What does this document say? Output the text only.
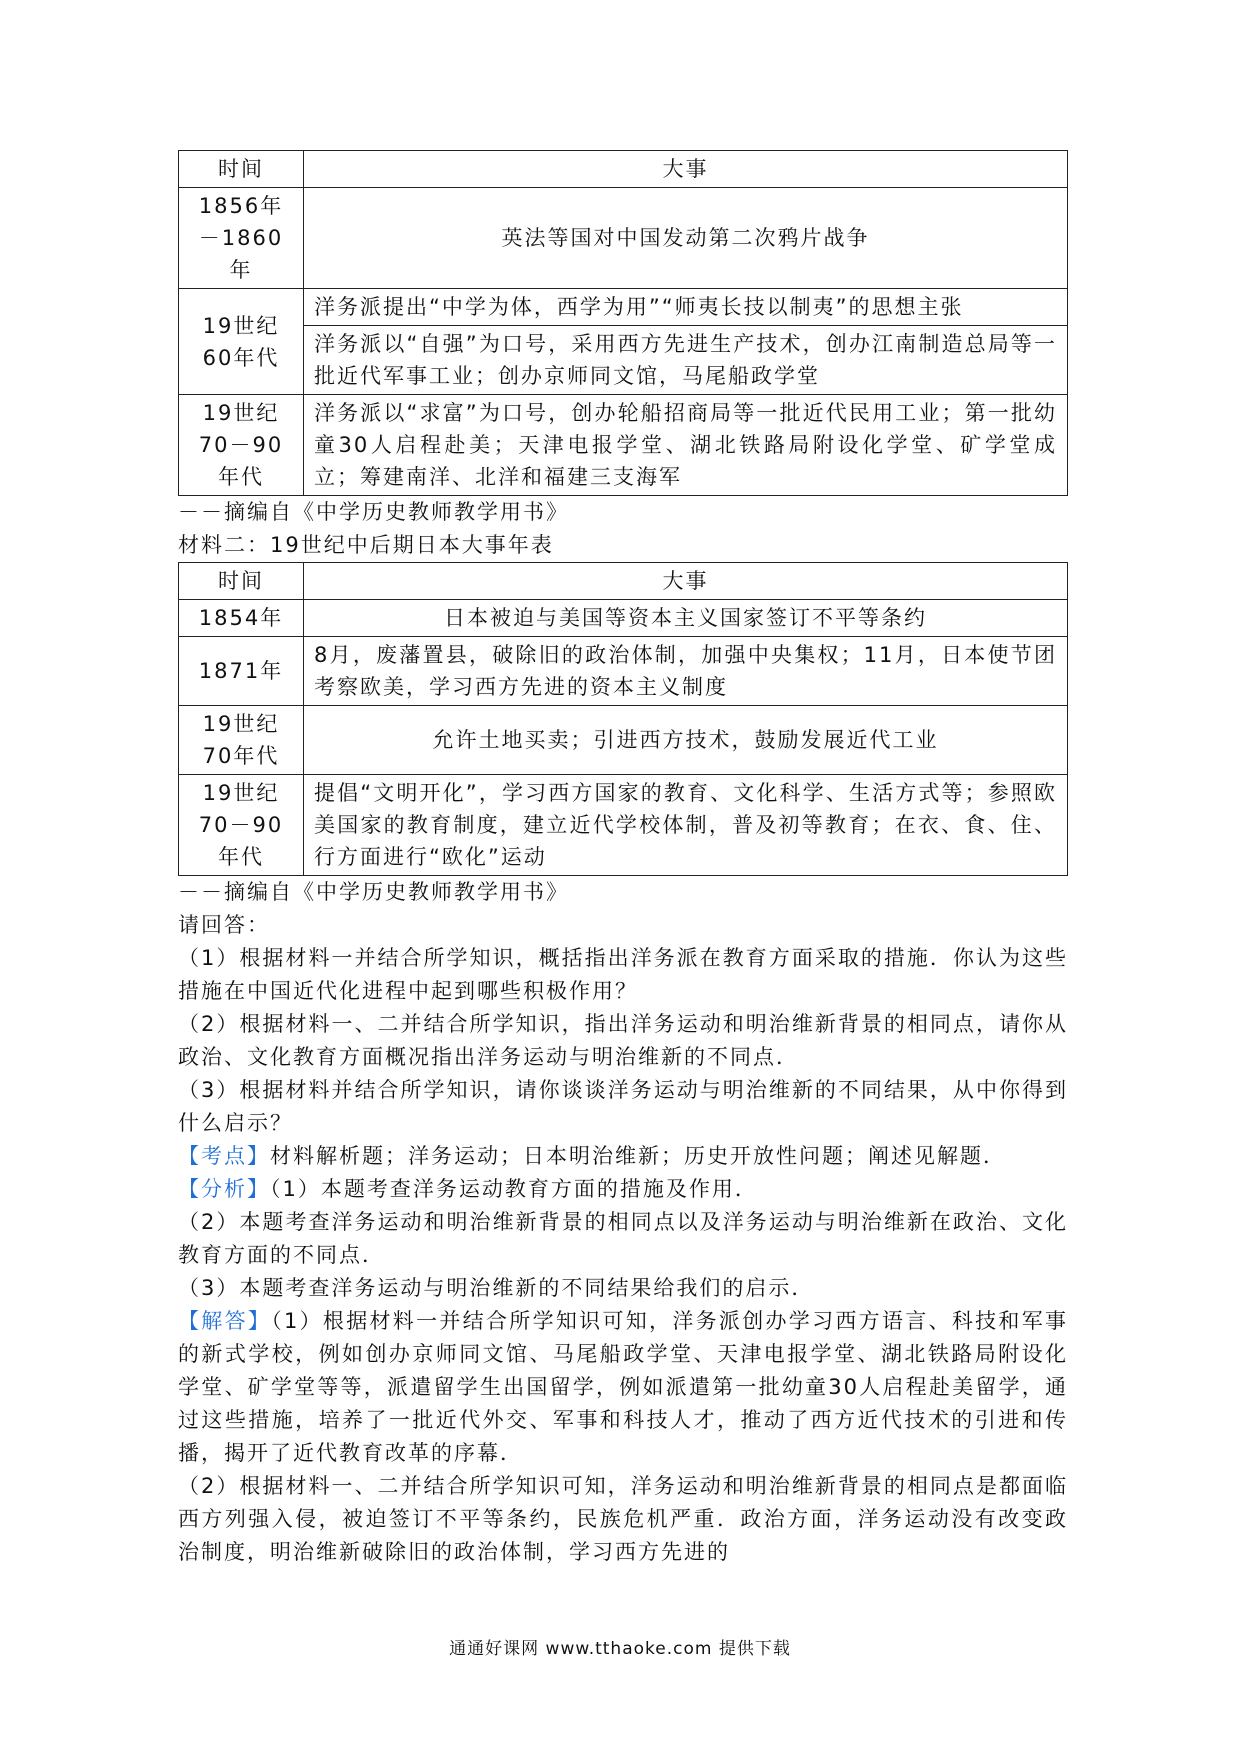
时间	大事
1856年－1860年	英法等国对中国发动第二次鸦片战争
19世纪60年代	洋务派提出“中学为体，西学为用”“师夷长技以制夷”的思想主张
	洋务派以“自强”为口号，采用西方先进生产技术，创办江南制造总局等一批近代军事工业；创办京师同文馆，马尾船政学堂
19世纪70－90年代	洋务派以“求富”为口号，创办轮船招商局等一批近代民用工业；第一批幼童30人启程赴美；天津电报学堂、湖北铁路局附设化学堂、矿学堂成立；筹建南洋、北洋和福建三支海军

－－摘编自《中学历史教师教学用书》

材料二：19世纪中后期日本大事年表

时间	大事
1854年	日本被迫与美国等资本主义国家签订不平等条约
1871年	8月，废藩置县，破除旧的政治体制，加强中央集权；11月，日本使节团考察欧美，学习西方先进的资本主义制度
19世纪70年代	允许土地买卖；引进西方技术，鼓励发展近代工业
19世纪70－90年代	提倡“文明开化”，学习西方国家的教育、文化科学、生活方式等；参照欧美国家的教育制度，建立近代学校体制，普及初等教育；在衣、食、住、行方面进行“欧化”运动

－－摘编自《中学历史教师教学用书》

请回答：

（1）根据材料一并结合所学知识，概括指出洋务派在教育方面采取的措施．你认为这些措施在中国近代化进程中起到哪些积极作用？

（2）根据材料一、二并结合所学知识，指出洋务运动和明治维新背景的相同点，请你从政治、文化教育方面概况指出洋务运动与明治维新的不同点．

（3）根据材料并结合所学知识，请你谈谈洋务运动与明治维新的不同结果，从中你得到什么启示？

【考点】材料解析题；洋务运动；日本明治维新；历史开放性问题；阐述见解题．

【分析】（1）本题考查洋务运动教育方面的措施及作用．

（2）本题考查洋务运动和明治维新背景的相同点以及洋务运动与明治维新在政治、文化教育方面的不同点．

（3）本题考查洋务运动与明治维新的不同结果给我们的启示．

【解答】（1）根据材料一并结合所学知识可知，洋务派创办学习西方语言、科技和军事的新式学校，例如创办京师同文馆、马尾船政学堂、天津电报学堂、湖北铁路局附设化学堂、矿学堂等等，派遣留学生出国留学，例如派遣第一批幼童30人启程赴美留学，通过这些措施，培养了一批近代外交、军事和科技人才，推动了西方近代技术的引进和传播，揭开了近代教育改革的序幕．

（2）根据材料一、二并结合所学知识可知，洋务运动和明治维新背景的相同点是都面临西方列强入侵，被迫签订不平等条约，民族危机严重．政治方面，洋务运动没有改变政治制度，明治维新破除旧的政治体制，学习西方先进的

通通好课网 www.tthaoke.com 提供下载
